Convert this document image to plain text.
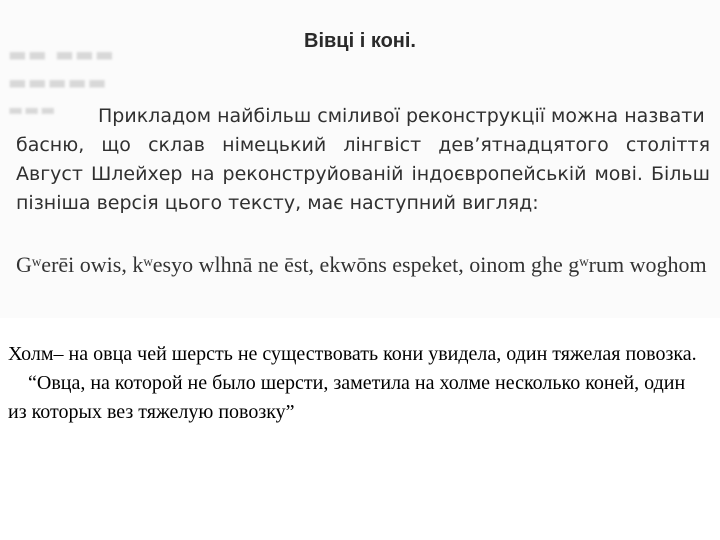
▬▬ ▬▬▬
▬▬▬▬▬
▬▬▬
Вівці і коні.
Прикладом найбільш сміливої реконструкції можна назвати
басню, що склав німецький лінгвіст дев’ятнадцятого століття Август Шлейхер на реконструйованій індоєвропейській мові. Більш пізніша версія цього тексту, має наступний вигляд:
Gʷerēi owis, kʷesyo wlhnā ne ēst, ekwōns espeket, oinom ghe gʷrum woghom
Холм– на овца чей шерсть не существовать кони увидела, один тяжелая повозка.
“Овца, на которой не было шерсти, заметила на холме несколько коней, один из которых вез тяжелую повозку”
